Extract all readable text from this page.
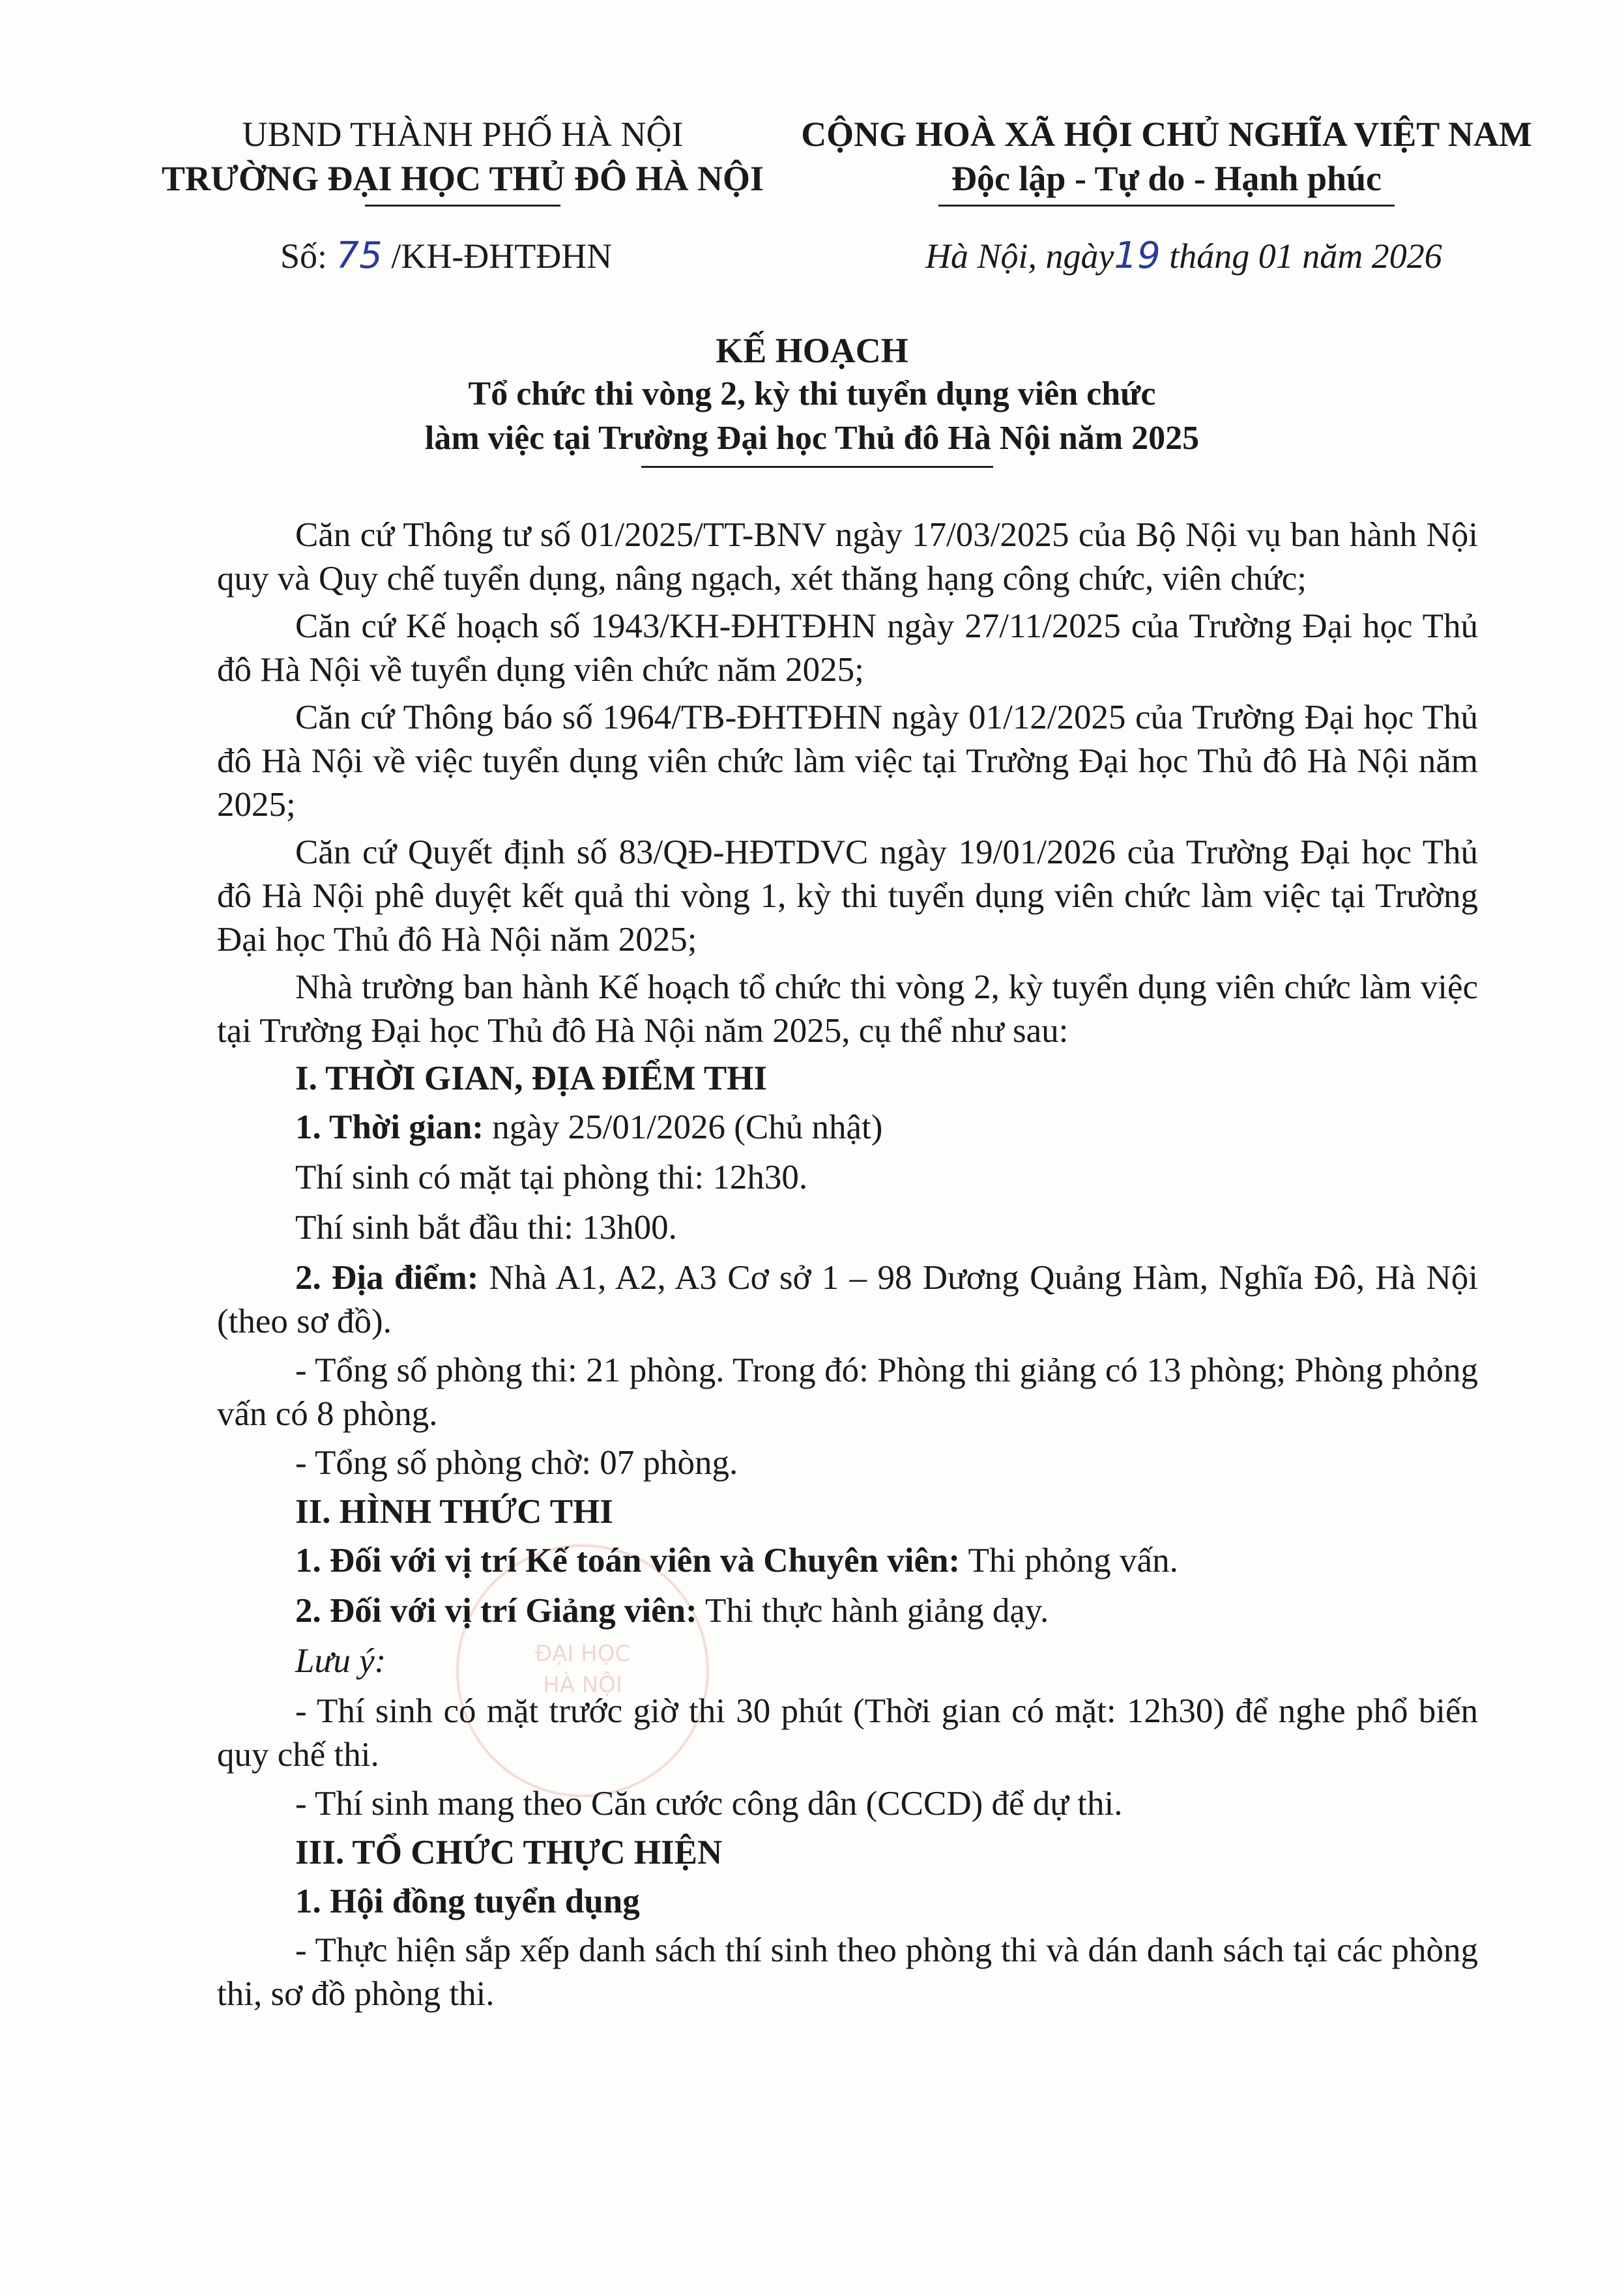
UBND THÀNH PHỐ HÀ NỘI
TRƯỜNG ĐẠI HỌC THỦ ĐÔ HÀ NỘI
CỘNG HOÀ XÃ HỘI CHỦ NGHĨA VIỆT NAM
Độc lập - Tự do - Hạnh phúc
Số: 75 /KH-ĐHTĐHN	Hà Nội, ngày19 tháng 01 năm 2026
KẾ HOẠCH
Tổ chức thi vòng 2, kỳ thi tuyển dụng viên chức
làm việc tại Trường Đại học Thủ đô Hà Nội năm 2025
ĐẠI HỌC
HÀ NỘI

Căn cứ Thông tư số 01/2025/TT-BNV ngày 17/03/2025 của Bộ Nội vụ ban hành Nội quy và Quy chế tuyển dụng, nâng ngạch, xét thăng hạng công chức, viên chức;

Căn cứ Kế hoạch số 1943/KH-ĐHTĐHN ngày 27/11/2025 của Trường Đại học Thủ đô Hà Nội về tuyển dụng viên chức năm 2025;

Căn cứ Thông báo số 1964/TB-ĐHTĐHN ngày 01/12/2025 của Trường Đại học Thủ đô Hà Nội về việc tuyển dụng viên chức làm việc tại Trường Đại học Thủ đô Hà Nội năm 2025;

Căn cứ Quyết định số 83/QĐ-HĐTDVC ngày 19/01/2026 của Trường Đại học Thủ đô Hà Nội phê duyệt kết quả thi vòng 1, kỳ thi tuyển dụng viên chức làm việc tại Trường Đại học Thủ đô Hà Nội năm 2025;

Nhà trường ban hành Kế hoạch tổ chức thi vòng 2, kỳ tuyển dụng viên chức làm việc tại Trường Đại học Thủ đô Hà Nội năm 2025, cụ thể như sau:

I. THỜI GIAN, ĐỊA ĐIỂM THI

1. Thời gian: ngày 25/01/2026 (Chủ nhật)

Thí sinh có mặt tại phòng thi: 12h30.

Thí sinh bắt đầu thi: 13h00.

2. Địa điểm: Nhà A1, A2, A3 Cơ sở 1 – 98 Dương Quảng Hàm, Nghĩa Đô, Hà Nội (theo sơ đồ).

- Tổng số phòng thi: 21 phòng. Trong đó: Phòng thi giảng có 13 phòng; Phòng phỏng vấn có 8 phòng.

- Tổng số phòng chờ: 07 phòng.

II. HÌNH THỨC THI

1. Đối với vị trí Kế toán viên và Chuyên viên: Thi phỏng vấn.

2. Đối với vị trí Giảng viên: Thi thực hành giảng dạy.

Lưu ý:

- Thí sinh có mặt trước giờ thi 30 phút (Thời gian có mặt: 12h30) để nghe phổ biến quy chế thi.

- Thí sinh mang theo Căn cước công dân (CCCD) để dự thi.

III. TỔ CHỨC THỰC HIỆN

1. Hội đồng tuyển dụng

- Thực hiện sắp xếp danh sách thí sinh theo phòng thi và dán danh sách tại các phòng thi, sơ đồ phòng thi.
